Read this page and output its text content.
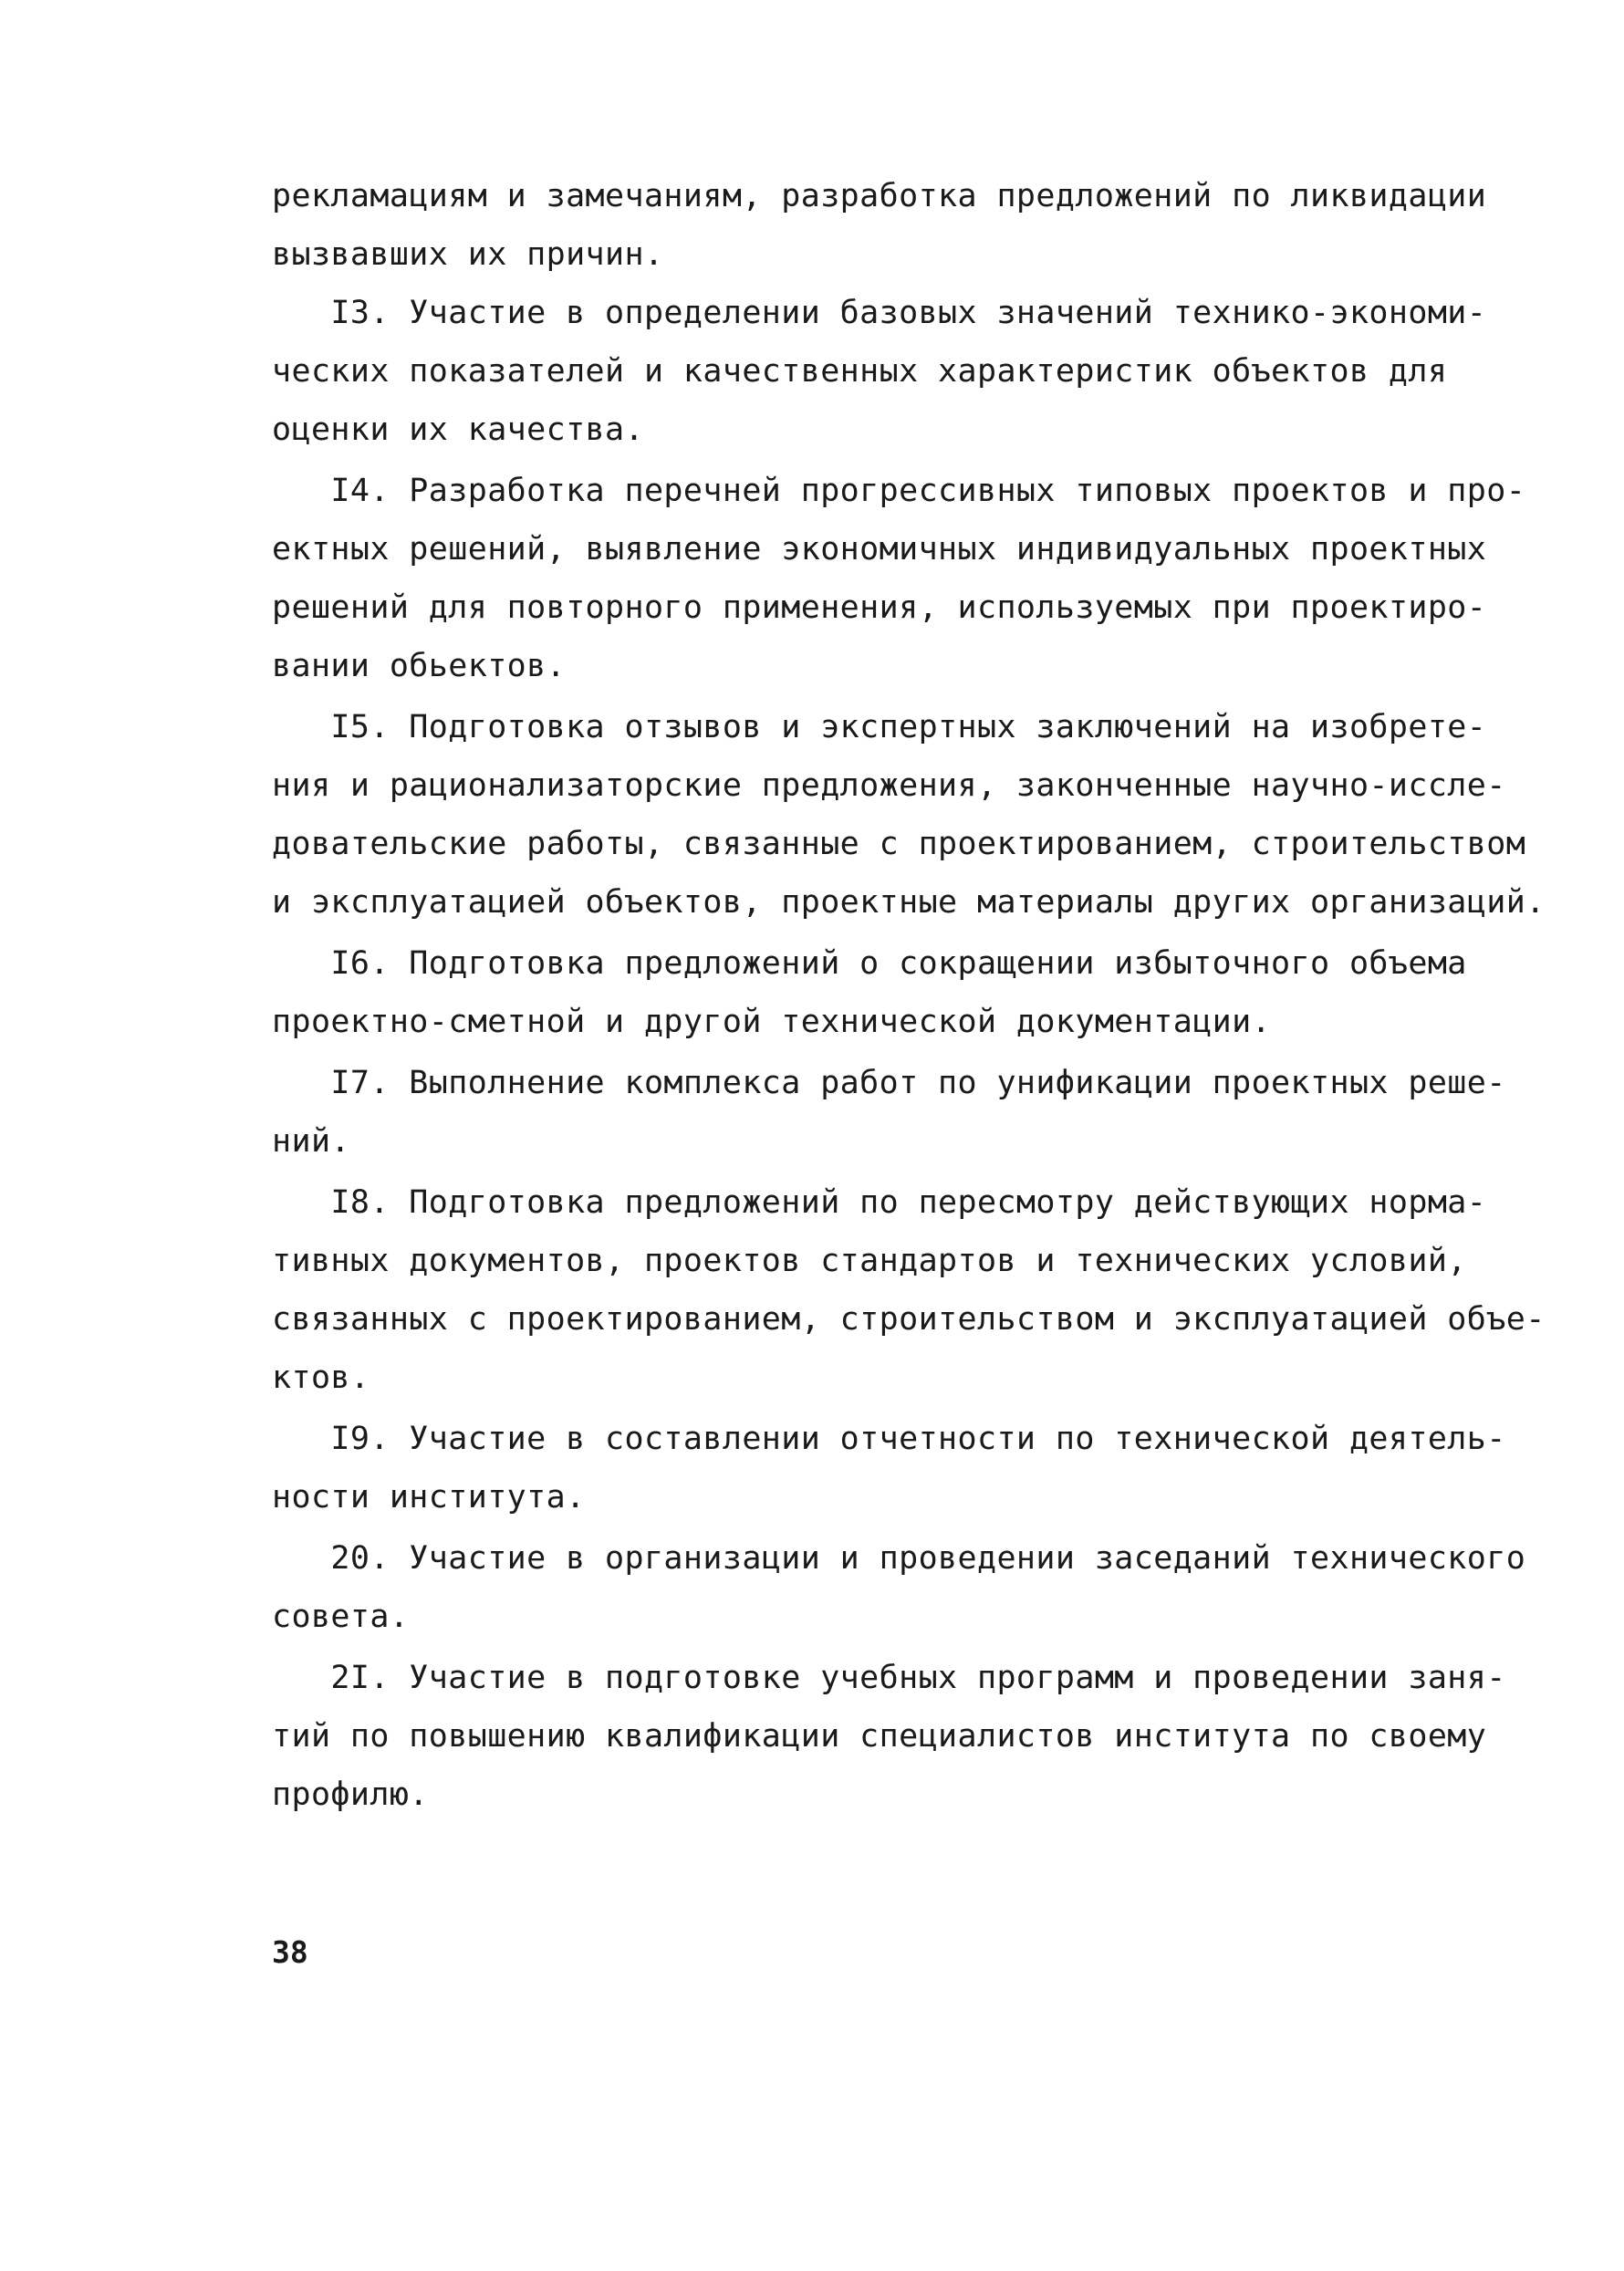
рекламациям и замечаниям, разработка предложений по ликвидации
вызвавших их причин.
I3. Участие в определении базовых значений технико-экономи-
ческих показателей и качественных характеристик объектов для
оценки их качества.
I4. Разработка перечней прогрессивных типовых проектов и про-
ектных решений, выявление экономичных индивидуальных проектных
решений для повторного применения, используемых при проектиро-
вании обьектов.
I5. Подготовка отзывов и экспертных заключений на изобрете-
ния и рационализаторские предложения, законченные научно-иссле-
довательские работы, связанные с проектированием, строительством
и эксплуатацией объектов, проектные материалы других организаций.
I6. Подготовка предложений о сокращении избыточного объема
проектно-сметной и другой технической документации.
I7. Выполнение комплекса работ по унификации проектных реше-
ний.
I8. Подготовка предложений по пересмотру действующих норма-
тивных документов, проектов стандартов и технических условий,
связанных с проектированием, строительством и эксплуатацией объе-
ктов.
I9. Участие в составлении отчетности по технической деятель-
ности института.
20. Участие в организации и проведении заседаний технического
совета.
2I. Участие в подготовке учебных программ и проведении заня-
тий по повышению квалификации специалистов института по своему
профилю.
38
